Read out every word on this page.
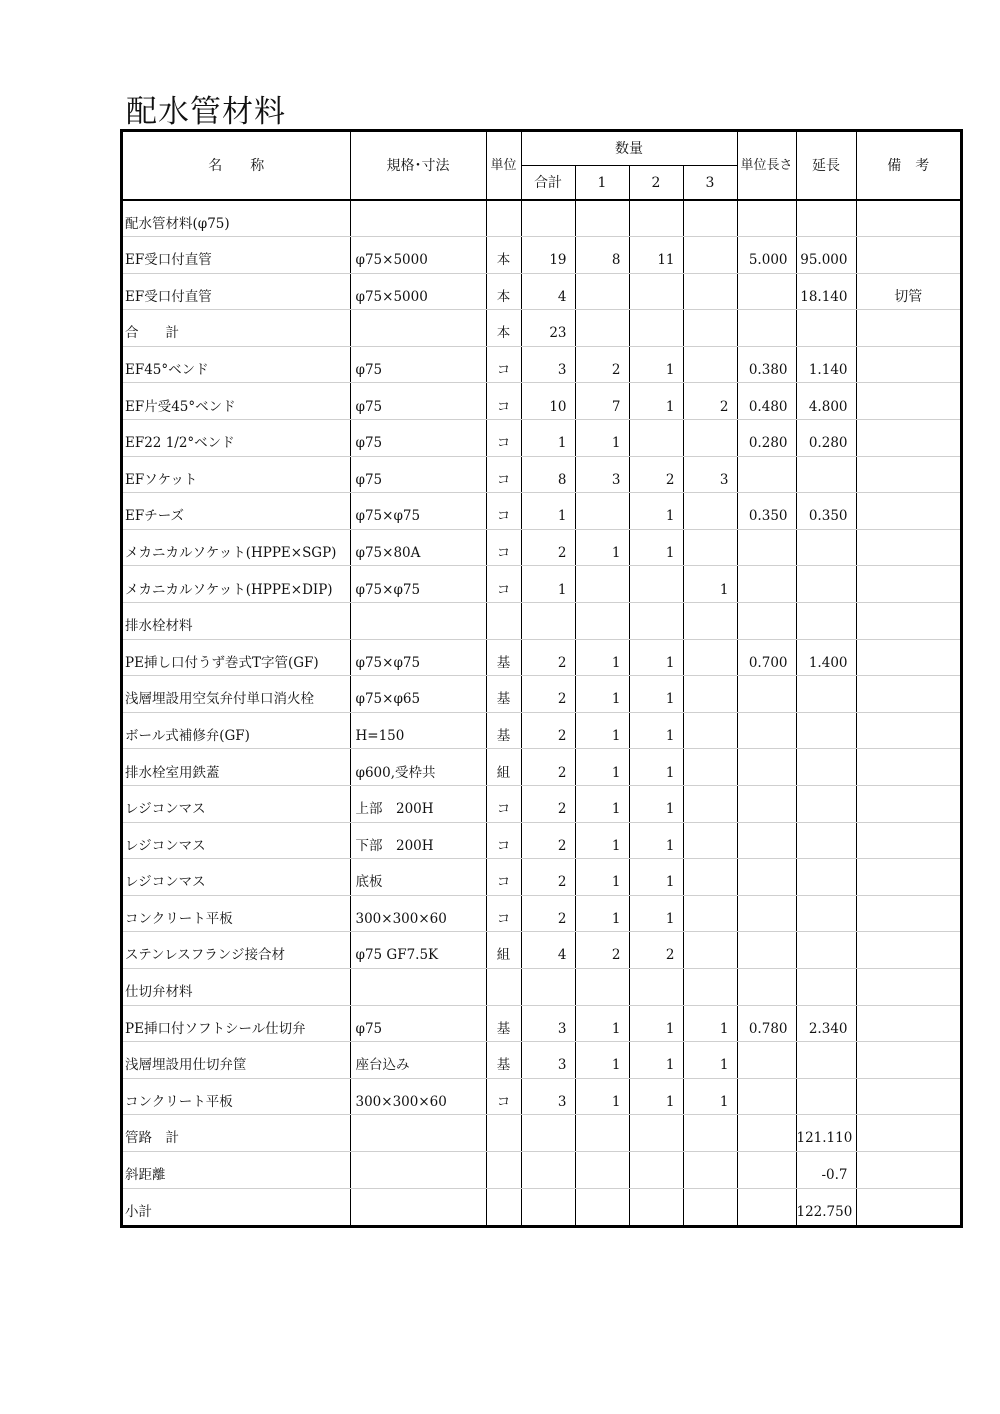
配水管材料
名　　称	規格･寸法	単位	数量				単位長さ	延長	備　考
			合計	1	2	3			
配水管材料(φ75)									
EF受口付直管	φ75×5000	本	19	8	11		5.000	95.000	
EF受口付直管	φ75×5000	本	4					18.140	切管
合　　計		本	23						
EF45°ベンド	φ75	コ	3	2	1		0.380	1.140	
EF片受45°ベンド	φ75	コ	10	7	1	2	0.480	4.800	
EF22 1/2°ベンド	φ75	コ	1	1			0.280	0.280	
EFソケット	φ75	コ	8	3	2	3			
EFチーズ	φ75×φ75	コ	1		1		0.350	0.350	
メカニカルソケット(HPPE×SGP)	φ75×80A	コ	2	1	1				
メカニカルソケット(HPPE×DIP)	φ75×φ75	コ	1			1			
排水栓材料									
PE挿し口付うず巻式T字管(GF)	φ75×φ75	基	2	1	1		0.700	1.400	
浅層埋設用空気弁付単口消火栓	φ75×φ65	基	2	1	1				
ボール式補修弁(GF)	H=150	基	2	1	1				
排水栓室用鉄蓋	φ600,受枠共	組	2	1	1				
レジコンマス	上部　200H	コ	2	1	1				
レジコンマス	下部　200H	コ	2	1	1				
レジコンマス	底板	コ	2	1	1				
コンクリート平板	300×300×60	コ	2	1	1				
ステンレスフランジ接合材	φ75 GF7.5K	組	4	2	2				
仕切弁材料									
PE挿口付ソフトシール仕切弁	φ75	基	3	1	1	1	0.780	2.340	
浅層埋設用仕切弁筐	座台込み	基	3	1	1	1			
コンクリート平板	300×300×60	コ	3	1	1	1			
管路　計								121.110	
斜距離								-0.7	
小計								122.750	
